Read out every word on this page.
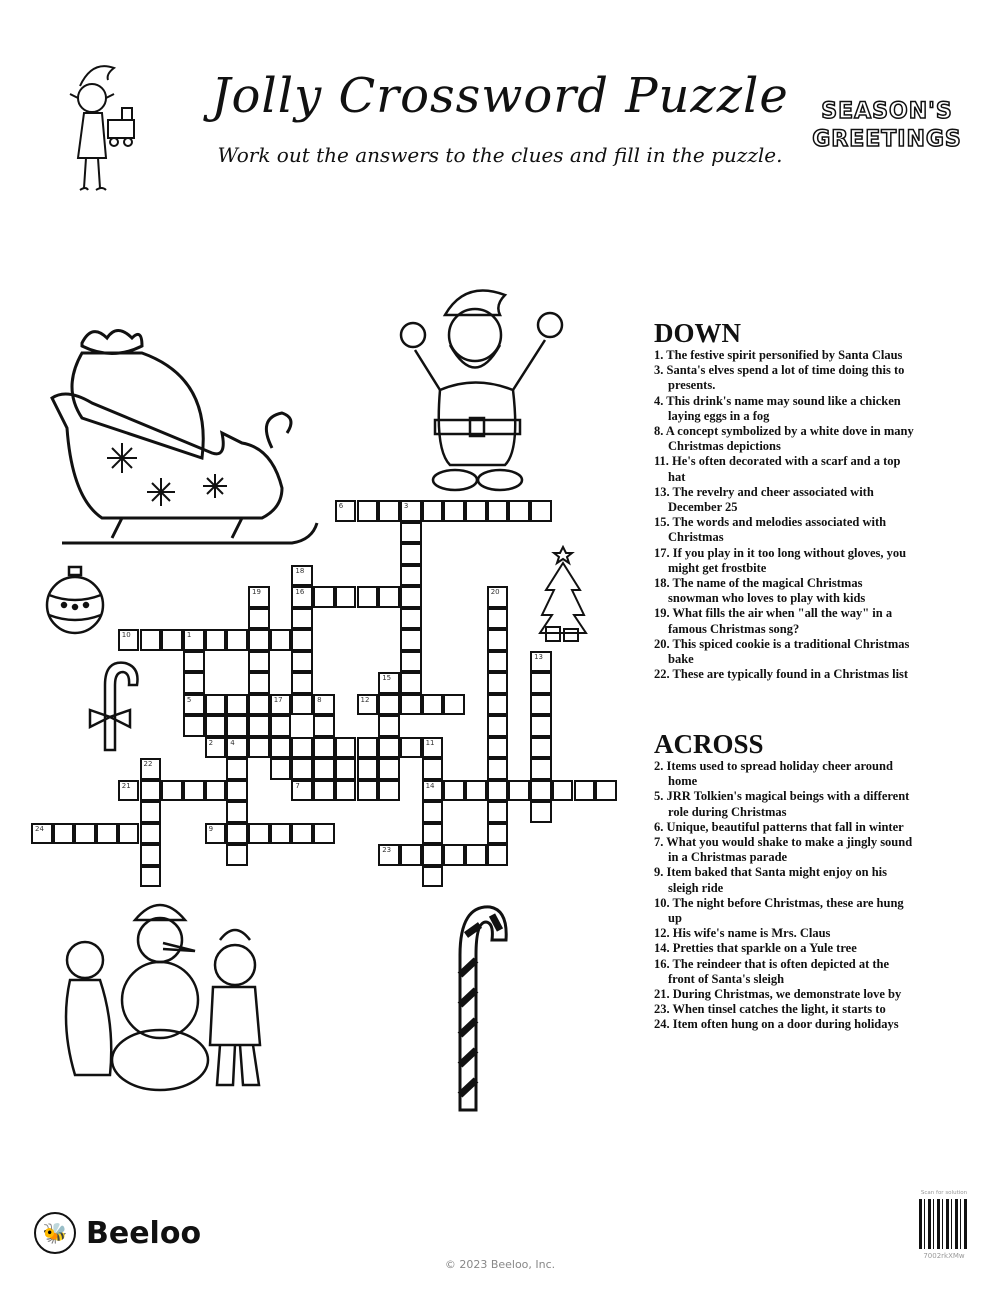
Jolly Crossword Puzzle
Work out the answers to the clues and fill in the puzzle.
SEASON'S
GREETINGS
6	3
18
19	16	20
10	1
13
15
5	17	8	12
2 4	11
22
21	7	14
24	9
23
DOWN
1. The festive spirit personified by Santa Claus
3. Santa's elves spend a lot of time doing this to presents.
4. This drink's name may sound like a chicken laying eggs in a fog
8. A concept symbolized by a white dove in many Christmas depictions
11. He's often decorated with a scarf and a top hat
13. The revelry and cheer associated with December 25
15. The words and melodies associated with Christmas
17. If you play in it too long without gloves, you might get frostbite
18. The name of the magical Christmas snowman who loves to play with kids
19. What fills the air when "all the way" in a famous Christmas song?
20. This spiced cookie is a traditional Christmas bake
22. These are typically found in a Christmas list
ACROSS
2. Items used to spread holiday cheer around home
5. JRR Tolkien's magical beings with a different role during Christmas
6. Unique, beautiful patterns that fall in winter
7. What you would shake to make a jingly sound in a Christmas parade
9. Item baked that Santa might enjoy on his sleigh ride
10. The night before Christmas, these are hung up
12. His wife's name is Mrs. Claus
14. Pretties that sparkle on a Yule tree
16. The reindeer that is often depicted at the front of Santa's sleigh
21. During Christmas, we demonstrate love by
23. When tinsel catches the light, it starts to
24. Item often hung on a door during holidays
🐝 Beeloo
© 2023 Beeloo, Inc.
Scan for solution
7002rkXMw
